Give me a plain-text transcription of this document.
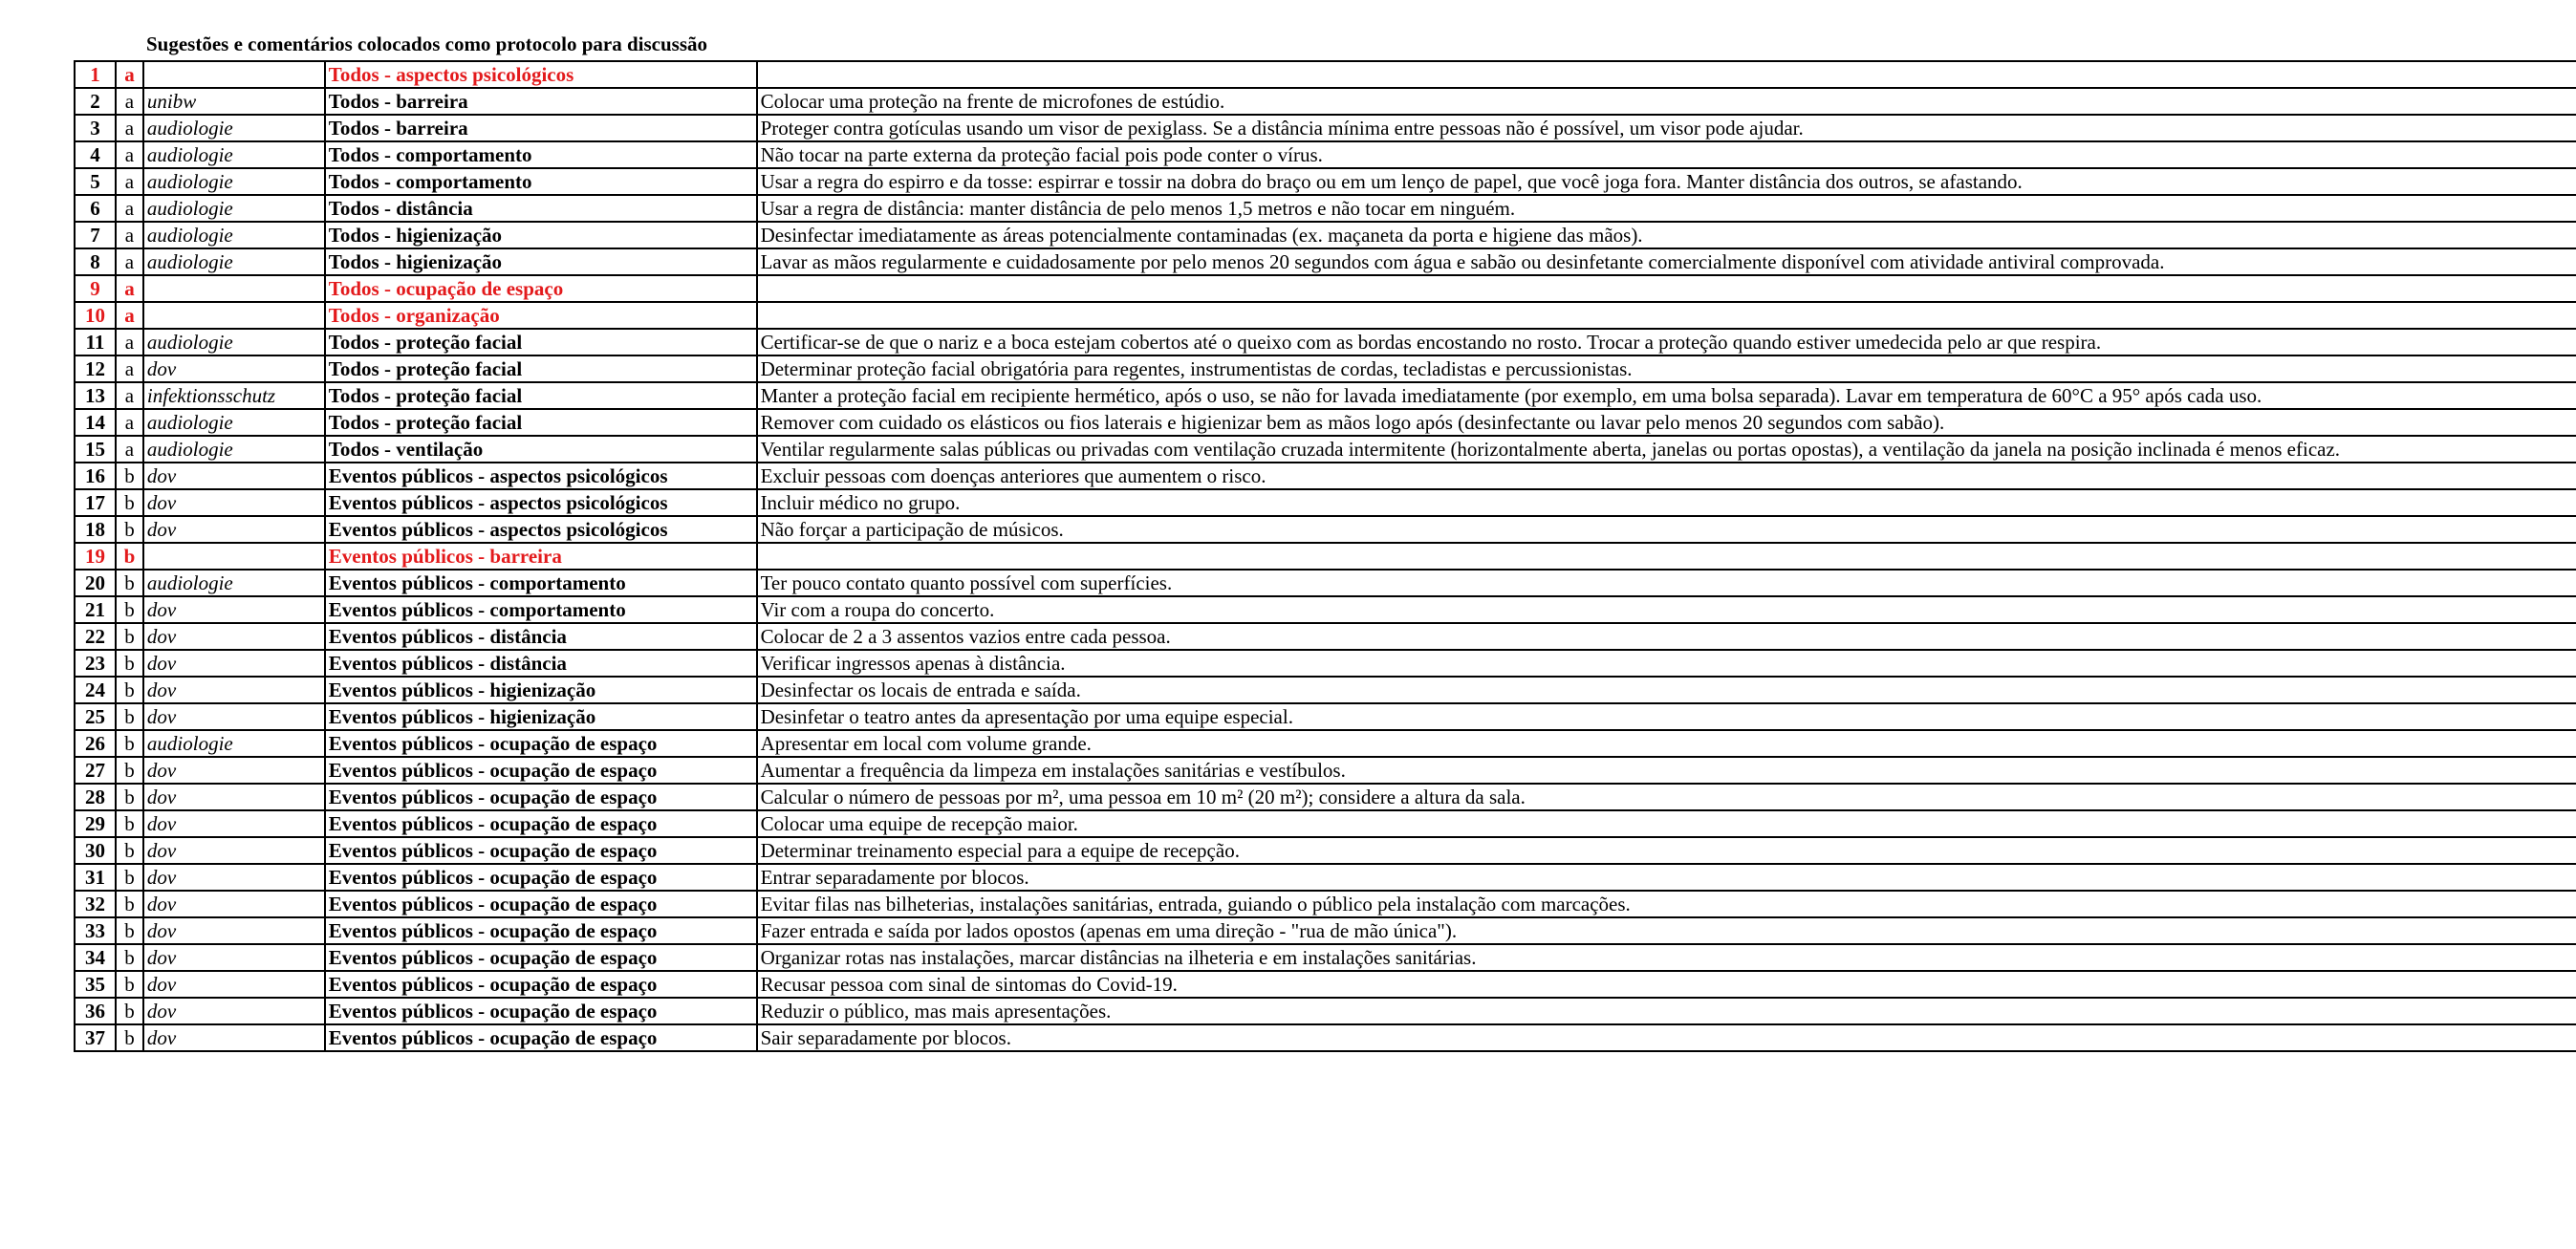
Sugestões e comentários colocados como protocolo para discussão
1	a		Todos - aspectos psicológicos	
2	a	unibw	Todos - barreira	Colocar uma proteção na frente de microfones de estúdio.
3	a	audiologie	Todos - barreira	Proteger contra gotículas usando um visor de pexiglass. Se a distância mínima entre pessoas não é possível, um visor pode ajudar.
4	a	audiologie	Todos - comportamento	Não tocar na parte externa da proteção facial pois pode conter o vírus.
5	a	audiologie	Todos - comportamento	Usar a regra do espirro e da tosse: espirrar e tossir na dobra do braço ou em um lenço de papel, que você joga fora. Manter distância dos outros, se afastando.
6	a	audiologie	Todos - distância	Usar a regra de distância: manter distância de pelo menos 1,5 metros e não tocar em ninguém.
7	a	audiologie	Todos - higienização	Desinfectar imediatamente as áreas potencialmente contaminadas (ex. maçaneta da porta e higiene das mãos).
8	a	audiologie	Todos - higienização	Lavar as mãos regularmente e cuidadosamente por pelo menos 20 segundos com água e sabão ou desinfetante comercialmente disponível com atividade antiviral comprovada.
9	a		Todos - ocupação de espaço	
10	a		Todos - organização	
11	a	audiologie	Todos - proteção facial	Certificar-se de que o nariz e a boca estejam cobertos até o queixo com as bordas encostando no rosto. Trocar a proteção quando estiver umedecida pelo ar que respira.
12	a	dov	Todos - proteção facial	Determinar proteção facial obrigatória para regentes, instrumentistas de cordas, tecladistas e percussionistas.
13	a	infektionsschutz	Todos - proteção facial	Manter a proteção facial em recipiente hermético, após o uso, se não for lavada imediatamente (por exemplo, em uma bolsa separada). Lavar em temperatura de 60°C a 95° após cada uso.
14	a	audiologie	Todos - proteção facial	Remover com cuidado os elásticos ou fios laterais e higienizar bem as mãos logo após (desinfectante ou lavar pelo menos 20 segundos com sabão).
15	a	audiologie	Todos - ventilação	Ventilar regularmente salas públicas ou privadas com ventilação cruzada intermitente (horizontalmente aberta, janelas ou portas opostas), a ventilação da janela na posição inclinada é menos eficaz.
16	b	dov	Eventos públicos - aspectos psicológicos	Excluir pessoas com doenças anteriores que aumentem o risco.
17	b	dov	Eventos públicos - aspectos psicológicos	Incluir médico no grupo.
18	b	dov	Eventos públicos - aspectos psicológicos	Não forçar a participação de músicos.
19	b		Eventos públicos - barreira	
20	b	audiologie	Eventos públicos - comportamento	Ter pouco contato quanto possível com superfícies.
21	b	dov	Eventos públicos - comportamento	Vir com a roupa do concerto.
22	b	dov	Eventos públicos - distância	Colocar de 2 a 3 assentos vazios entre cada pessoa.
23	b	dov	Eventos públicos - distância	Verificar ingressos apenas à distância.
24	b	dov	Eventos públicos - higienização	Desinfectar os locais de entrada e saída.
25	b	dov	Eventos públicos - higienização	Desinfetar o teatro antes da apresentação por uma equipe especial.
26	b	audiologie	Eventos públicos - ocupação de espaço	Apresentar em local com volume grande.
27	b	dov	Eventos públicos - ocupação de espaço	Aumentar a frequência da limpeza em instalações sanitárias e vestíbulos.
28	b	dov	Eventos públicos - ocupação de espaço	Calcular o número de pessoas por m², uma pessoa em 10 m² (20 m²); considere a altura da sala.
29	b	dov	Eventos públicos - ocupação de espaço	Colocar uma equipe de recepção maior.
30	b	dov	Eventos públicos - ocupação de espaço	Determinar treinamento especial para a equipe de recepção.
31	b	dov	Eventos públicos - ocupação de espaço	Entrar separadamente por blocos.
32	b	dov	Eventos públicos - ocupação de espaço	Evitar filas nas bilheterias, instalações sanitárias, entrada, guiando o público pela instalação com marcações.
33	b	dov	Eventos públicos - ocupação de espaço	Fazer entrada e saída por lados opostos (apenas em uma direção - "rua de mão única").
34	b	dov	Eventos públicos - ocupação de espaço	Organizar rotas nas instalações, marcar distâncias na ilheteria e em instalações sanitárias.
35	b	dov	Eventos públicos - ocupação de espaço	Recusar pessoa com sinal de sintomas do Covid-19.
36	b	dov	Eventos públicos - ocupação de espaço	Reduzir o público, mas mais apresentações.
37	b	dov	Eventos públicos - ocupação de espaço	Sair separadamente por blocos.
